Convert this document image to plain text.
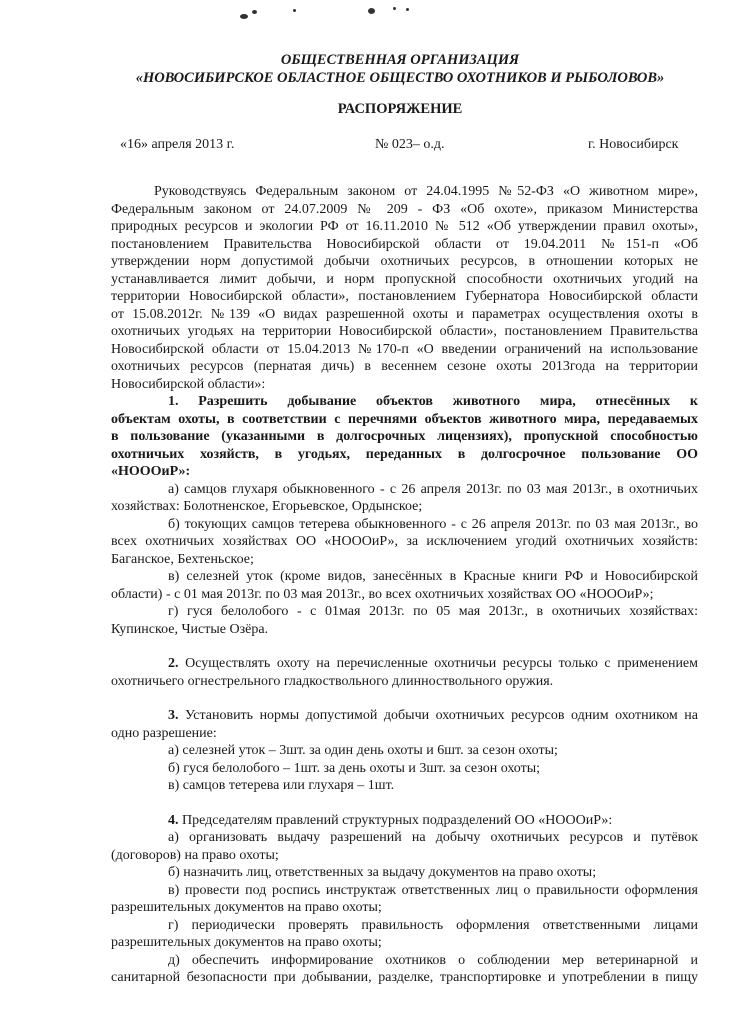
ОБЩЕСТВЕННАЯ ОРГАНИЗАЦИЯ
«НОВОСИБИРСКОЕ ОБЛАСТНОЕ ОБЩЕСТВО ОХОТНИКОВ И РЫБОЛОВОВ»
РАСПОРЯЖЕНИЕ
«16» апреля 2013 г.	№ 023– о.д.	г. Новосибирск
Руководствуясь Федеральным законом от 24.04.1995 №52-ФЗ «О животном мире»,
Федеральным законом от 24.07.2009 № 209 - ФЗ «Об охоте», приказом Министерства
природных ресурсов и экологии РФ от 16.11.2010 № 512 «Об утверждении правил охоты»,
постановлением Правительства Новосибирской области от 19.04.2011 №151-п «Об
утверждении норм допустимой добычи охотничьих ресурсов, в отношении которых не
устанавливается лимит добычи, и норм пропускной способности охотничьих угодий на
территории Новосибирской области», постановлением Губернатора Новосибирской области
от 15.08.2012г. №139 «О видах разрешенной охоты и параметрах осуществления охоты в
охотничьих угодьях на территории Новосибирской области», постановлением Правительства
Новосибирской области от 15.04.2013 №170-п «О введении ограничений на использование
охотничьих ресурсов (пернатая дичь) в весеннем сезоне охоты 2013года на территории
Новосибирской области»:
1. Разрешить добывание объектов животного мира, отнесённых к
объектам охоты, в соответствии с перечнями объектов животного мира, передаваемых
в пользование (указанными в долгосрочных лицензиях), пропускной способностью
охотничьих хозяйств, в угодьях, переданных в долгосрочное пользование ОО
«НОООиР»:
а) самцов глухаря обыкновенного - с 26 апреля 2013г. по 03 мая 2013г., в охотничьих
хозяйствах: Болотненское, Егорьевское, Ордынское;
б) токующих самцов тетерева обыкновенного - с 26 апреля 2013г. по 03 мая 2013г., во
всех охотничьих хозяйствах ОО «НОООиР», за исключением угодий охотничьих хозяйств:
Баганское, Бехтеньское;
в) селезней уток (кроме видов, занесённых в Красные книги РФ и Новосибирской
области) - с 01 мая 2013г. по 03 мая 2013г., во всех охотничьих хозяйствах ОО «НОООиР»;
г) гуся белолобого - с 01мая 2013г. по 05 мая 2013г., в охотничьих хозяйствах:
Купинское, Чистые Озёра.
2. Осуществлять охоту на перечисленные охотничьи ресурсы только с применением
охотничьего огнестрельного гладкоствольного длинноствольного оружия.
3. Установить нормы допустимой добычи охотничьих ресурсов одним охотником на
одно разрешение:
а) селезней уток – 3шт. за один день охоты и 6шт. за сезон охоты;
б) гуся белолобого – 1шт. за день охоты и 3шт. за сезон охоты;
в) самцов тетерева или глухаря – 1шт.
4. Председателям правлений структурных подразделений ОО «НОООиР»:
а) организовать выдачу разрешений на добычу охотничьих ресурсов и путёвок
(договоров) на право охоты;
б) назначить лиц, ответственных за выдачу документов на право охоты;
в) провести под роспись инструктаж ответственных лиц о правильности оформления
разрешительных документов на право охоты;
г) периодически проверять правильность оформления ответственными лицами
разрешительных документов на право охоты;
д) обеспечить информирование охотников о соблюдении мер ветеринарной и
санитарной безопасности при добывании, разделке, транспортировке и употреблении в пищу
